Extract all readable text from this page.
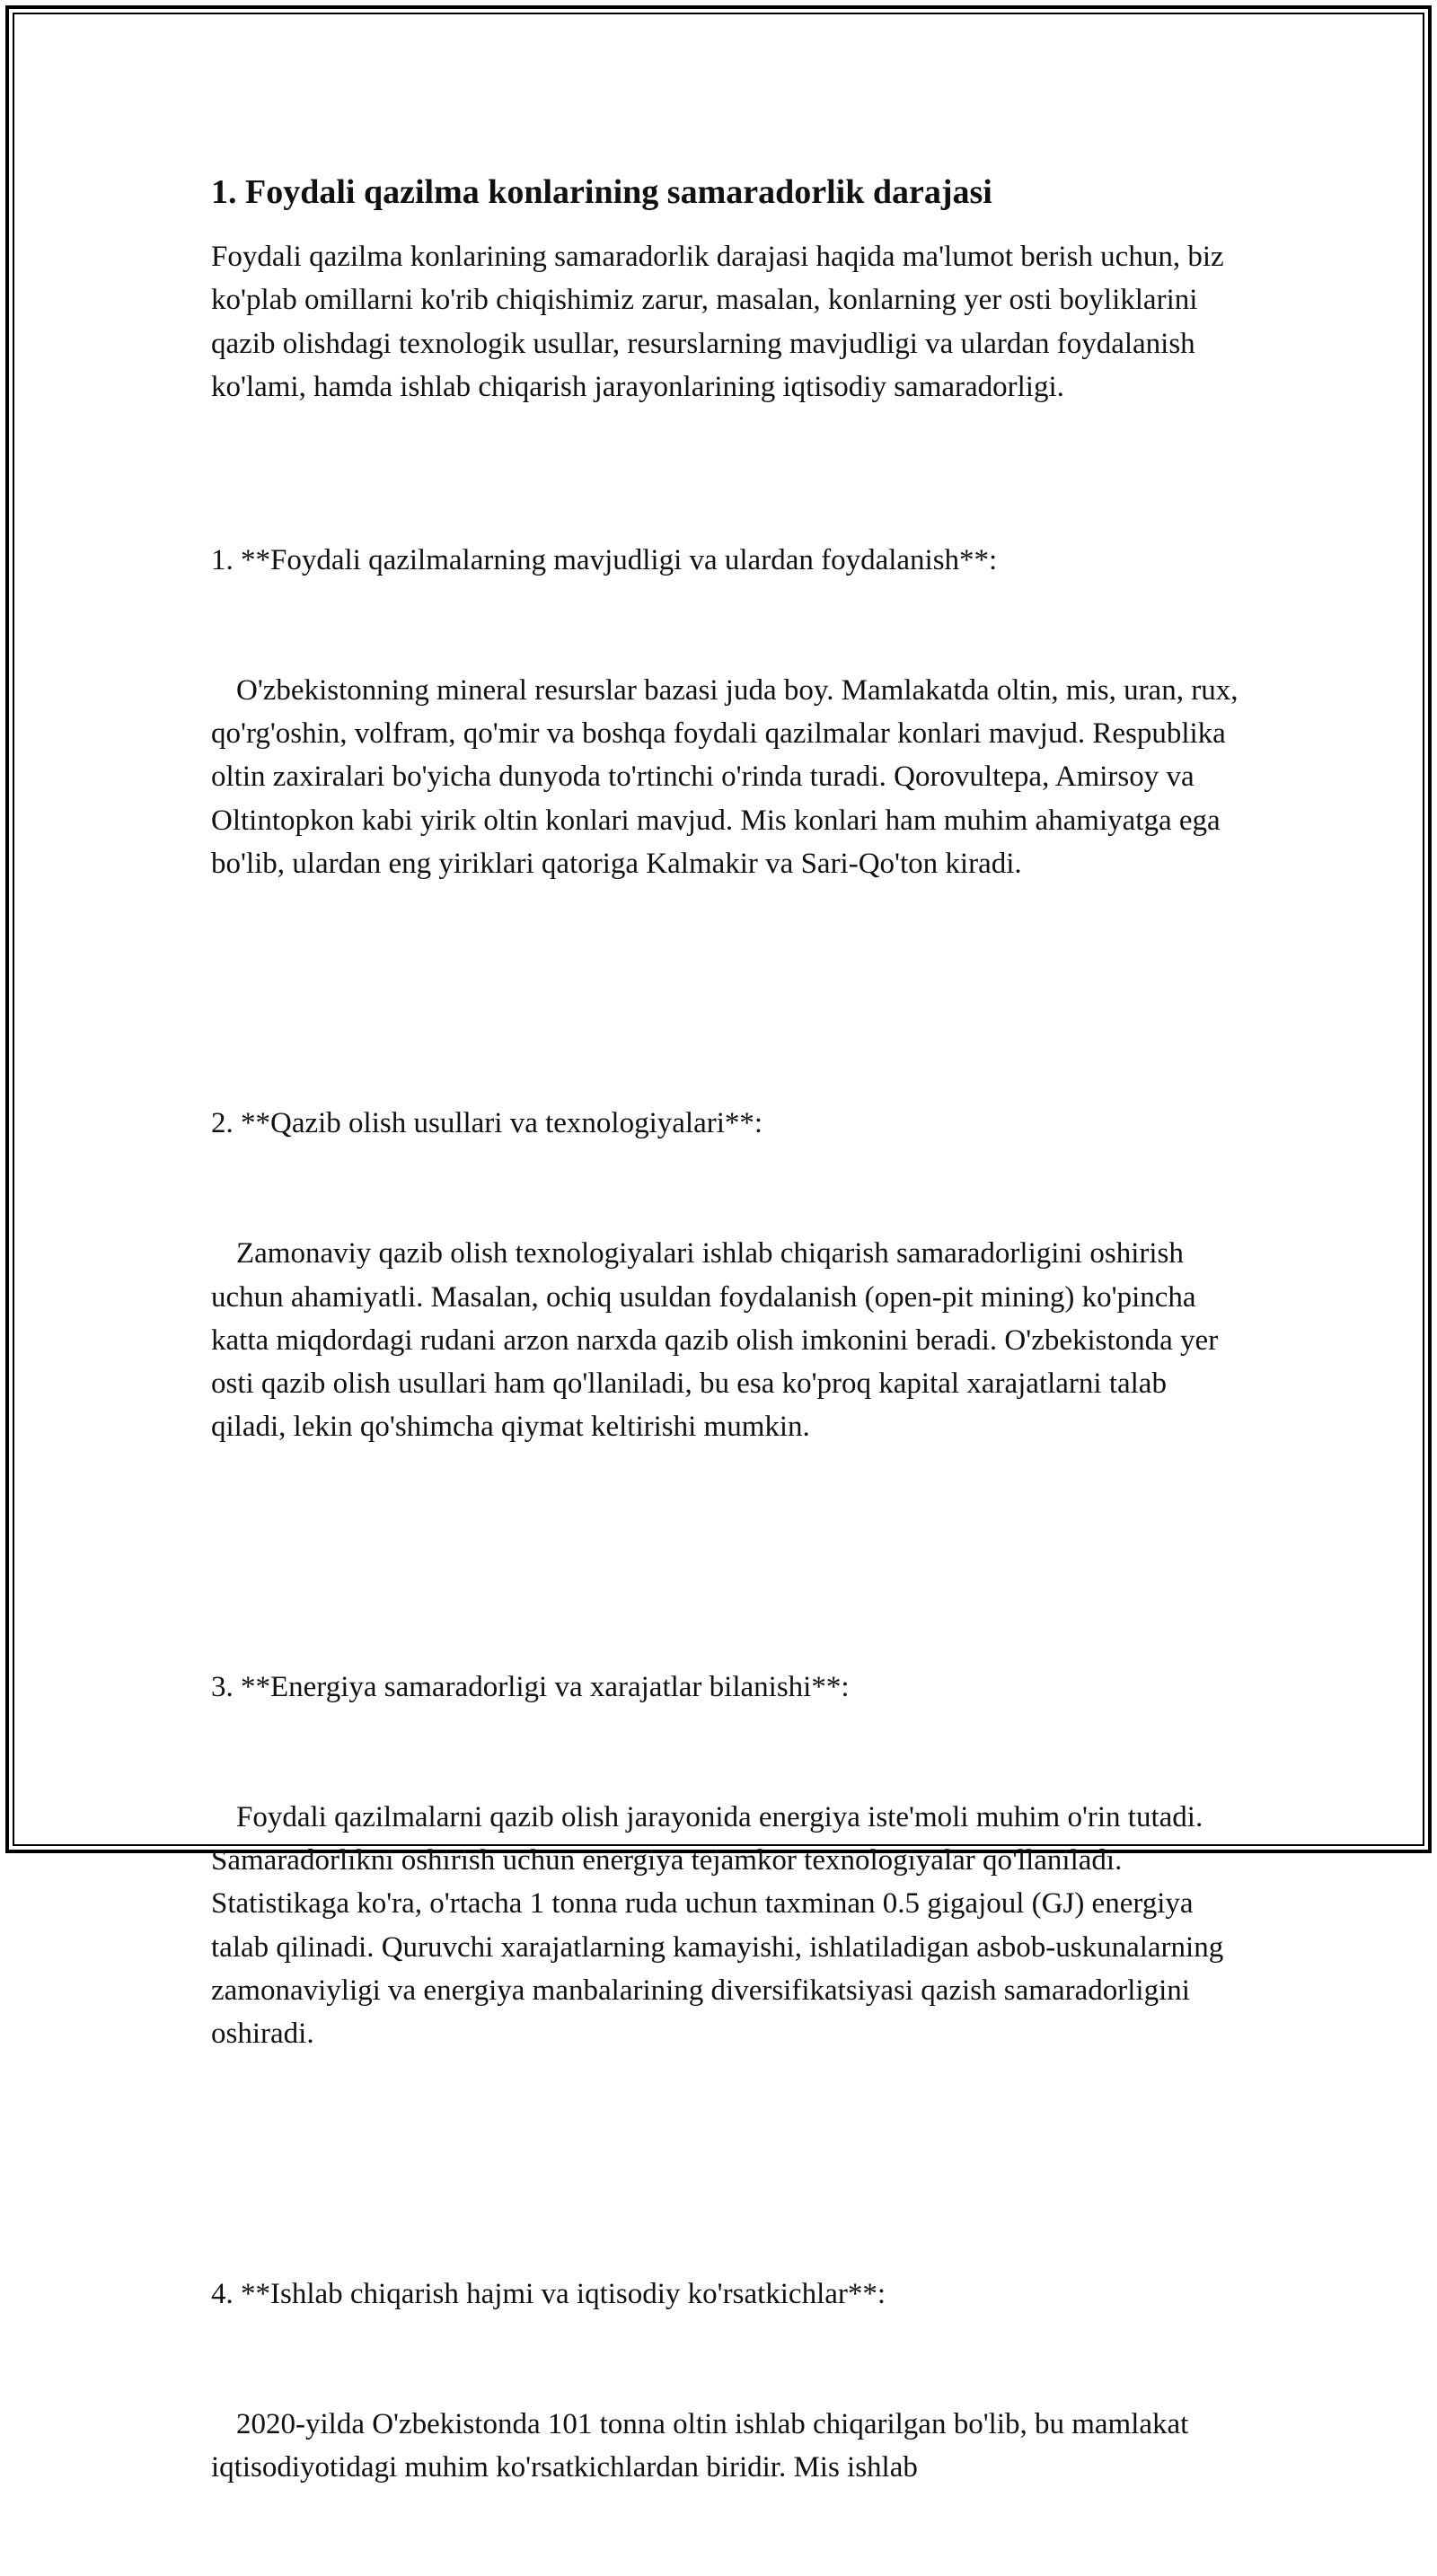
1. Foydali qazilma konlarining samaradorlik darajasi

Foydali qazilma konlarining samaradorlik darajasi haqida ma'lumot berish uchun, biz ko'plab omillarni ko'rib chiqishimiz zarur, masalan, konlarning yer osti boyliklarini qazib olishdagi texnologik usullar, resurslarning mavjudligi va ulardan foydalanish ko'lami, hamda ishlab chiqarish jarayonlarining iqtisodiy samaradorligi.

1. **Foydali qazilmalarning mavjudligi va ulardan foydalanish**:

O'zbekistonning mineral resurslar bazasi juda boy. Mamlakatda oltin, mis, uran, rux, qo'rg'oshin, volfram, qo'mir va boshqa foydali qazilmalar konlari mavjud. Respublika oltin zaxiralari bo'yicha dunyoda to'rtinchi o'rinda turadi. Qorovultepa, Amirsoy va Oltintopkon kabi yirik oltin konlari mavjud. Mis konlari ham muhim ahamiyatga ega bo'lib, ulardan eng yiriklari qatoriga Kalmakir va Sari-Qo'ton kiradi.

2. **Qazib olish usullari va texnologiyalari**:

Zamonaviy qazib olish texnologiyalari ishlab chiqarish samaradorligini oshirish uchun ahamiyatli. Masalan, ochiq usuldan foydalanish (open-pit mining) ko'pincha katta miqdordagi rudani arzon narxda qazib olish imkonini beradi. O'zbekistonda yer osti qazib olish usullari ham qo'llaniladi, bu esa ko'proq kapital xarajatlarni talab qiladi, lekin qo'shimcha qiymat keltirishi mumkin.

3. **Energiya samaradorligi va xarajatlar bilanishi**:

Foydali qazilmalarni qazib olish jarayonida energiya iste'moli muhim o'rin tutadi. Samaradorlikni oshirish uchun energiya tejamkor texnologiyalar qo'llaniladi. Statistikaga ko'ra, o'rtacha 1 tonna ruda uchun taxminan 0.5 gigajoul (GJ) energiya talab qilinadi. Quruvchi xarajatlarning kamayishi, ishlatiladigan asbob-uskunalarning zamonaviyligi va energiya manbalarining diversifikatsiyasi qazish samaradorligini oshiradi.

4. **Ishlab chiqarish hajmi va iqtisodiy ko'rsatkichlar**:

2020-yilda O'zbekistonda 101 tonna oltin ishlab chiqarilgan bo'lib, bu mamlakat iqtisodiyotidagi muhim ko'rsatkichlardan biridir. Mis ishlab
